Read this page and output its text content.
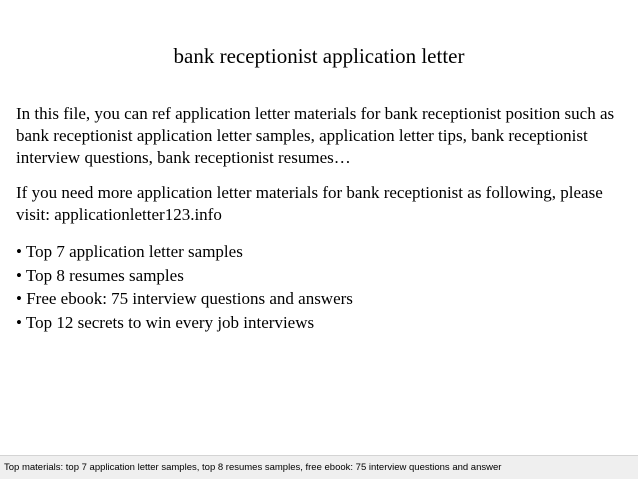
bank receptionist application letter
In this file, you can ref application letter materials for bank receptionist position such as bank receptionist application letter samples, application letter tips, bank receptionist interview questions, bank receptionist resumes…
If you need more application letter materials for bank receptionist as following, please visit: applicationletter123.info
• Top 7 application letter samples
• Top 8 resumes samples
• Free ebook: 75 interview questions and answers
• Top 12 secrets to win every job interviews
Top materials: top 7 application letter samples, top 8 resumes samples, free ebook: 75 interview questions and answer
